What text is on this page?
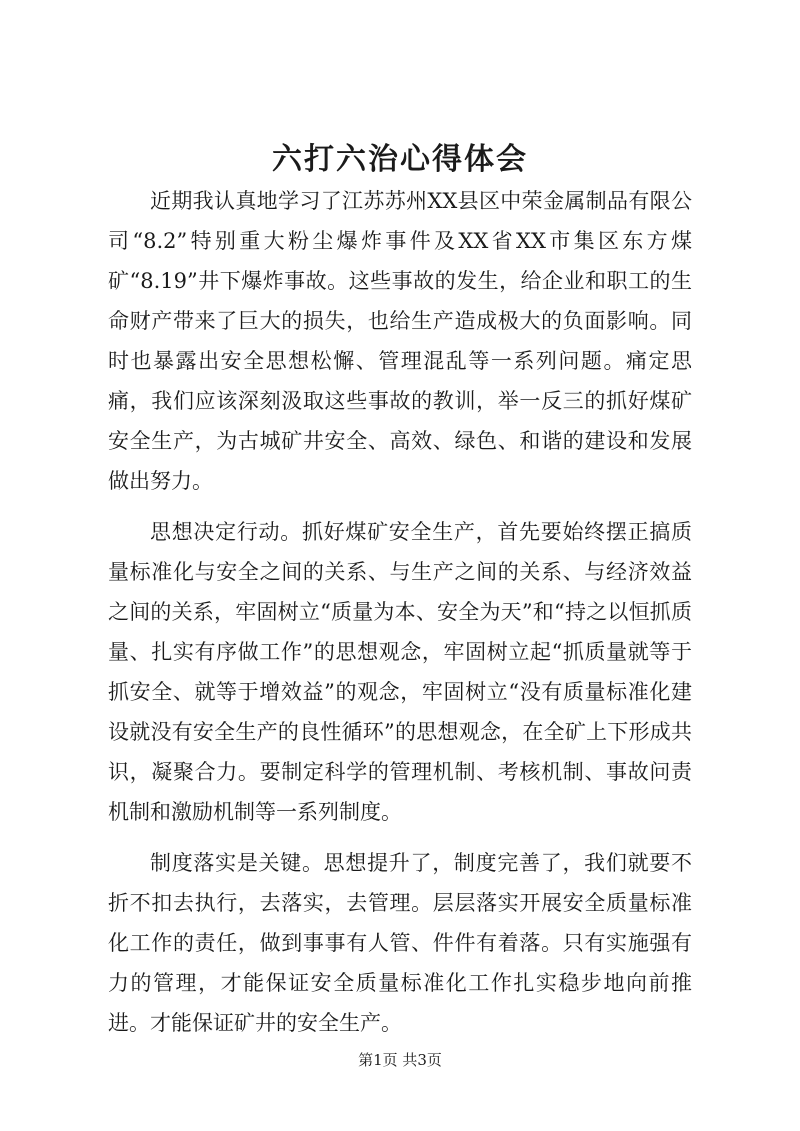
六打六治心得体会

近期我认真地学习了江苏苏州XX县区中荣金属制品有限公司“8.2”特别重大粉尘爆炸事件及XX省XX市集区东方煤矿“8.19”井下爆炸事故。这些事故的发生，给企业和职工的生命财产带来了巨大的损失，也给生产造成极大的负面影响。同时也暴露出安全思想松懈、管理混乱等一系列问题。痛定思痛，我们应该深刻汲取这些事故的教训，举一反三的抓好煤矿安全生产，为古城矿井安全、高效、绿色、和谐的建设和发展做出努力。

思想决定行动。抓好煤矿安全生产，首先要始终摆正搞质量标准化与安全之间的关系、与生产之间的关系、与经济效益之间的关系，牢固树立“质量为本、安全为天”和“持之以恒抓质量、扎实有序做工作”的思想观念，牢固树立起“抓质量就等于抓安全、就等于增效益”的观念，牢固树立“没有质量标准化建设就没有安全生产的良性循环”的思想观念，在全矿上下形成共识，凝聚合力。要制定科学的管理机制、考核机制、事故问责机制和激励机制等一系列制度。

制度落实是关键。思想提升了，制度完善了，我们就要不折不扣去执行，去落实，去管理。层层落实开展安全质量标准化工作的责任，做到事事有人管、件件有着落。只有实施强有力的管理，才能保证安全质量标准化工作扎实稳步地向前推进。才能保证矿井的安全生产。

第1页 共3页
